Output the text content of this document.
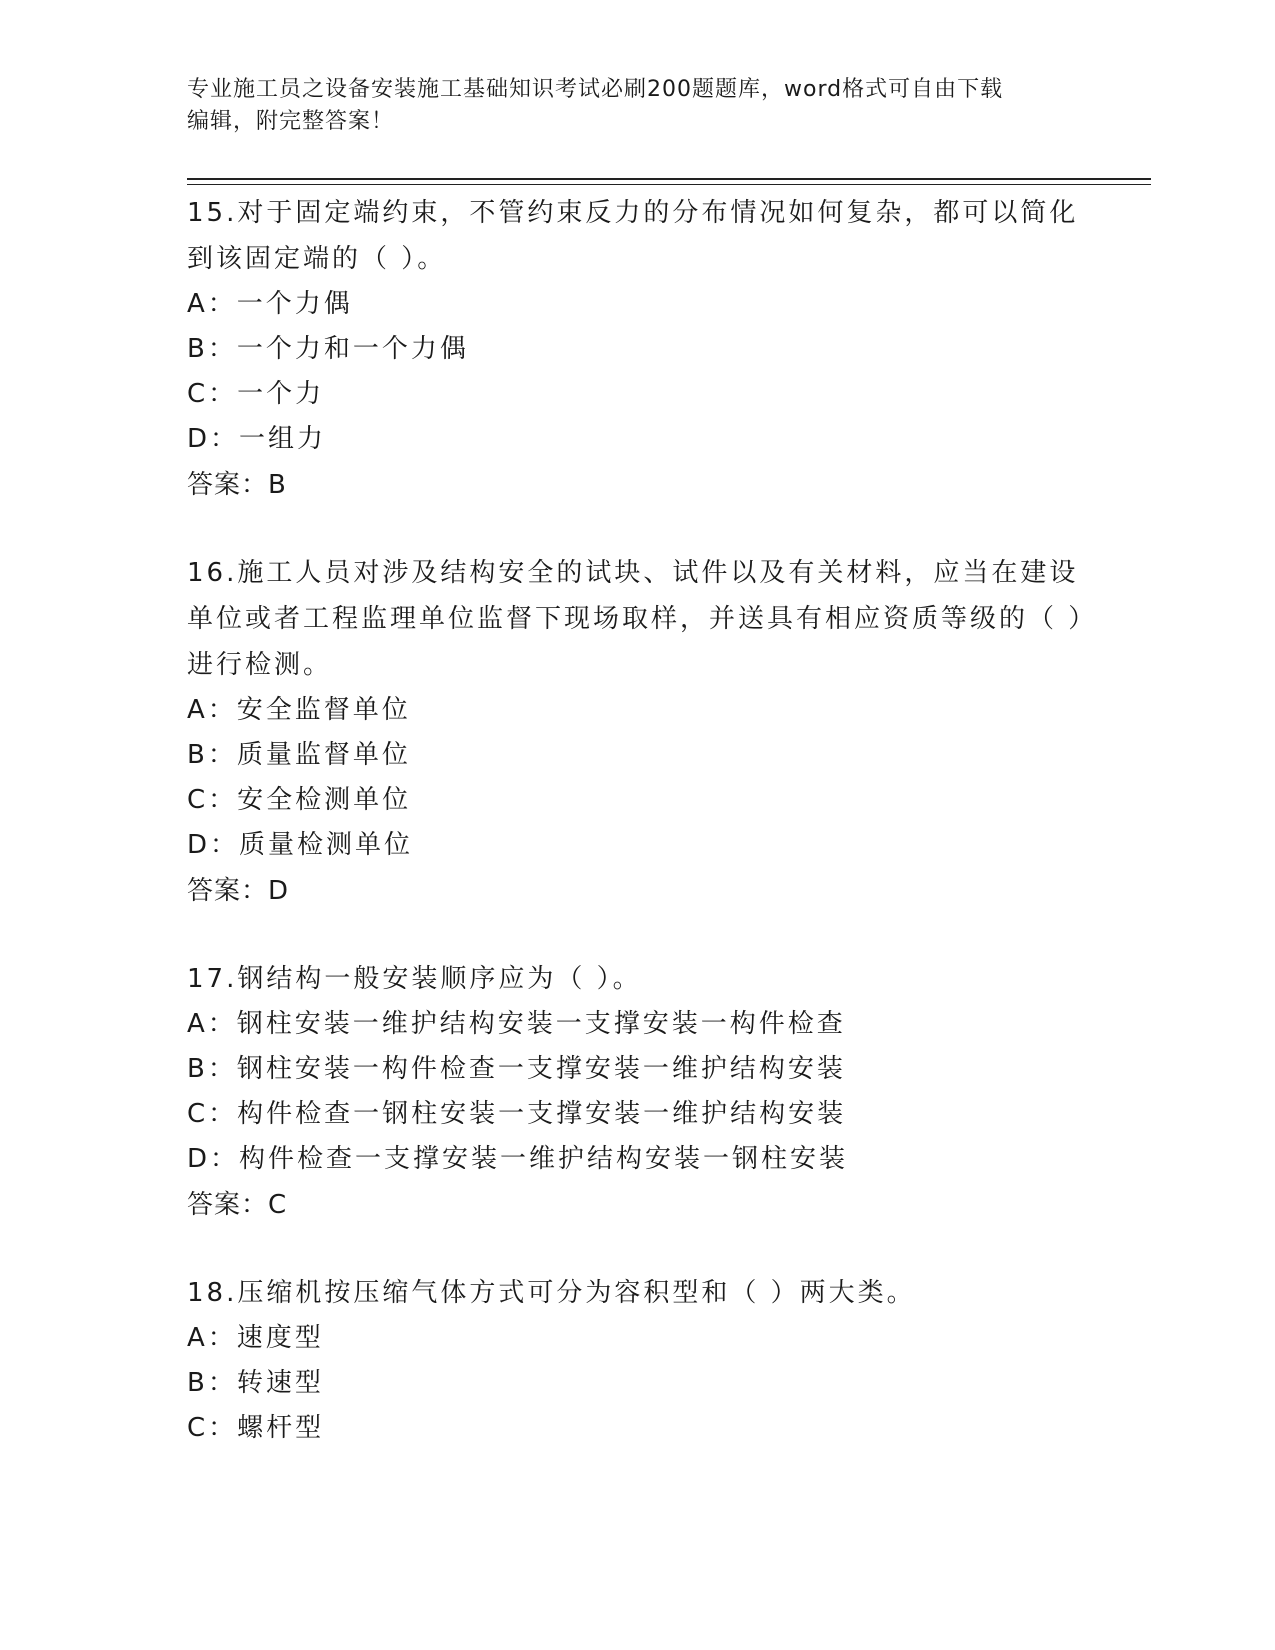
专业施工员之设备安装施工基础知识考试必刷200题题库，word格式可自由下载
编辑，附完整答案！
15.对于固定端约束，不管约束反力的分布情况如何复杂，都可以简化到该固定端的（ ）。
A：一个力偶
B：一个力和一个力偶
C：一个力
D：一组力
答案：B
16.施工人员对涉及结构安全的试块、试件以及有关材料，应当在建设单位或者工程监理单位监督下现场取样，并送具有相应资质等级的（ ）进行检测。
A：安全监督单位
B：质量监督单位
C：安全检测单位
D：质量检测单位
答案：D
17.钢结构一般安装顺序应为（ ）。
A：钢柱安装一维护结构安装一支撑安装一构件检查
B：钢柱安装一构件检查一支撑安装一维护结构安装
C：构件检查一钢柱安装一支撑安装一维护结构安装
D：构件检查一支撑安装一维护结构安装一钢柱安装
答案：C
18.压缩机按压缩气体方式可分为容积型和（ ）两大类。
A：速度型
B：转速型
C：螺杆型
